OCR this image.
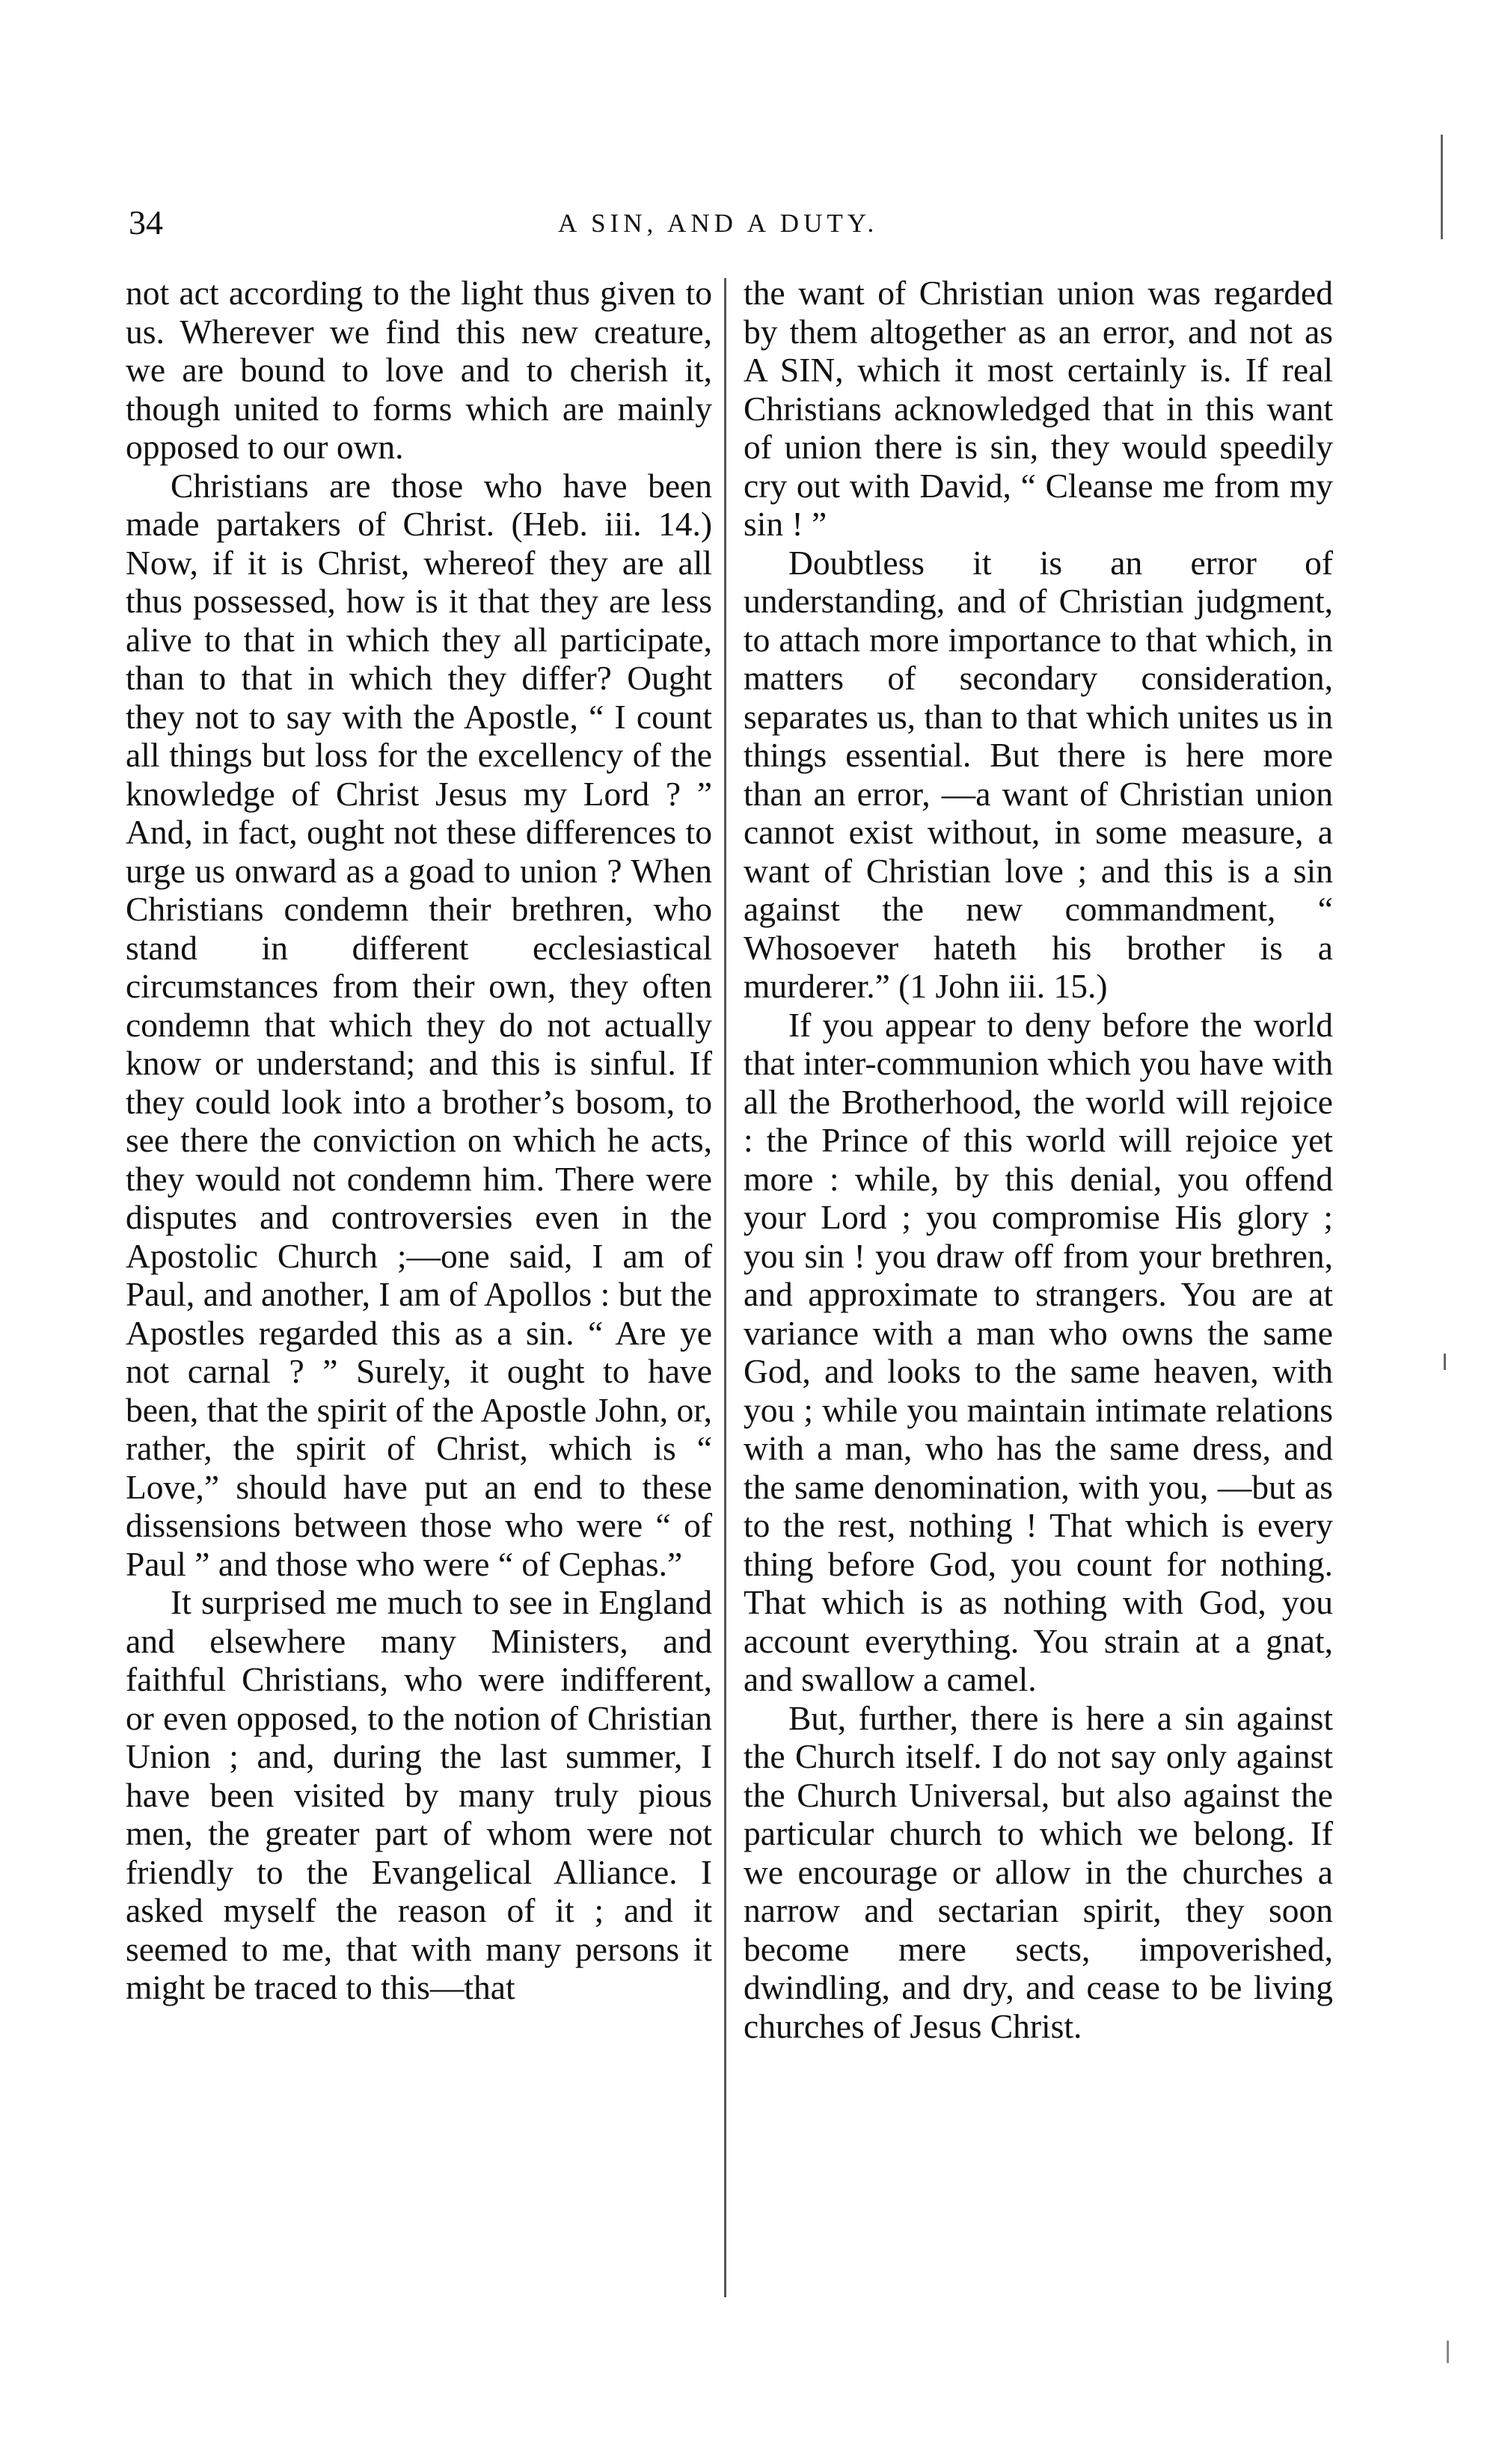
34	A SIN, AND A DUTY.

not act according to the light thus given to us. Wherever we find this new creature, we are bound to love and to cherish it, though united to forms which are mainly opposed to our own.

Christians are those who have been made partakers of Christ. (Heb. iii. 14.) Now, if it is Christ, whereof they are all thus possessed, how is it that they are less alive to that in which they all participate, than to that in which they differ? Ought they not to say with the Apostle, “ I count all things but loss for the excellency of the knowledge of Christ Jesus my Lord ? ” And, in fact, ought not these differences to urge us onward as a goad to union ? When Christians condemn their brethren, who stand in different ecclesiastical circumstances from their own, they often condemn that which they do not actually know or understand; and this is sinful. If they could look into a brother’s bosom, to see there the conviction on which he acts, they would not condemn him. There were disputes and controversies even in the Apostolic Church ;—one said, I am of Paul, and another, I am of Apollos : but the Apostles regarded this as a sin. “ Are ye not carnal ? ” Surely, it ought to have been, that the spirit of the Apostle John, or, rather, the spirit of Christ, which is “ Love,” should have put an end to these dissensions between those who were “ of Paul ” and those who were “ of Cephas.”

It surprised me much to see in England and elsewhere many Ministers, and faithful Christians, who were indifferent, or even opposed, to the notion of Christian Union ; and, during the last summer, I have been visited by many truly pious men, the greater part of whom were not friendly to the Evangelical Alliance. I asked myself the reason of it ; and it seemed to me, that with many persons it might be traced to this—that

the want of Christian union was regarded by them altogether as an error, and not as A SIN, which it most certainly is. If real Christians acknowledged that in this want of union there is sin, they would speedily cry out with David, “ Cleanse me from my sin ! ”

Doubtless it is an error of understanding, and of Christian judgment, to attach more importance to that which, in matters of secondary consideration, separates us, than to that which unites us in things essential. But there is here more than an error, —a want of Christian union cannot exist without, in some measure, a want of Christian love ; and this is a sin against the new commandment, “ Whosoever hateth his brother is a murderer.” (1 John iii. 15.)

If you appear to deny before the world that inter-communion which you have with all the Brotherhood, the world will rejoice : the Prince of this world will rejoice yet more : while, by this denial, you offend your Lord ; you compromise His glory ; you sin ! you draw off from your brethren, and approximate to strangers. You are at variance with a man who owns the same God, and looks to the same heaven, with you ; while you maintain intimate relations with a man, who has the same dress, and the same denomination, with you, —but as to the rest, nothing ! That which is every thing before God, you count for nothing. That which is as nothing with God, you account everything. You strain at a gnat, and swallow a camel.

But, further, there is here a sin against the Church itself. I do not say only against the Church Universal, but also against the particular church to which we belong. If we encourage or allow in the churches a narrow and sectarian spirit, they soon become mere sects, impoverished, dwindling, and dry, and cease to be living churches of Jesus Christ.
